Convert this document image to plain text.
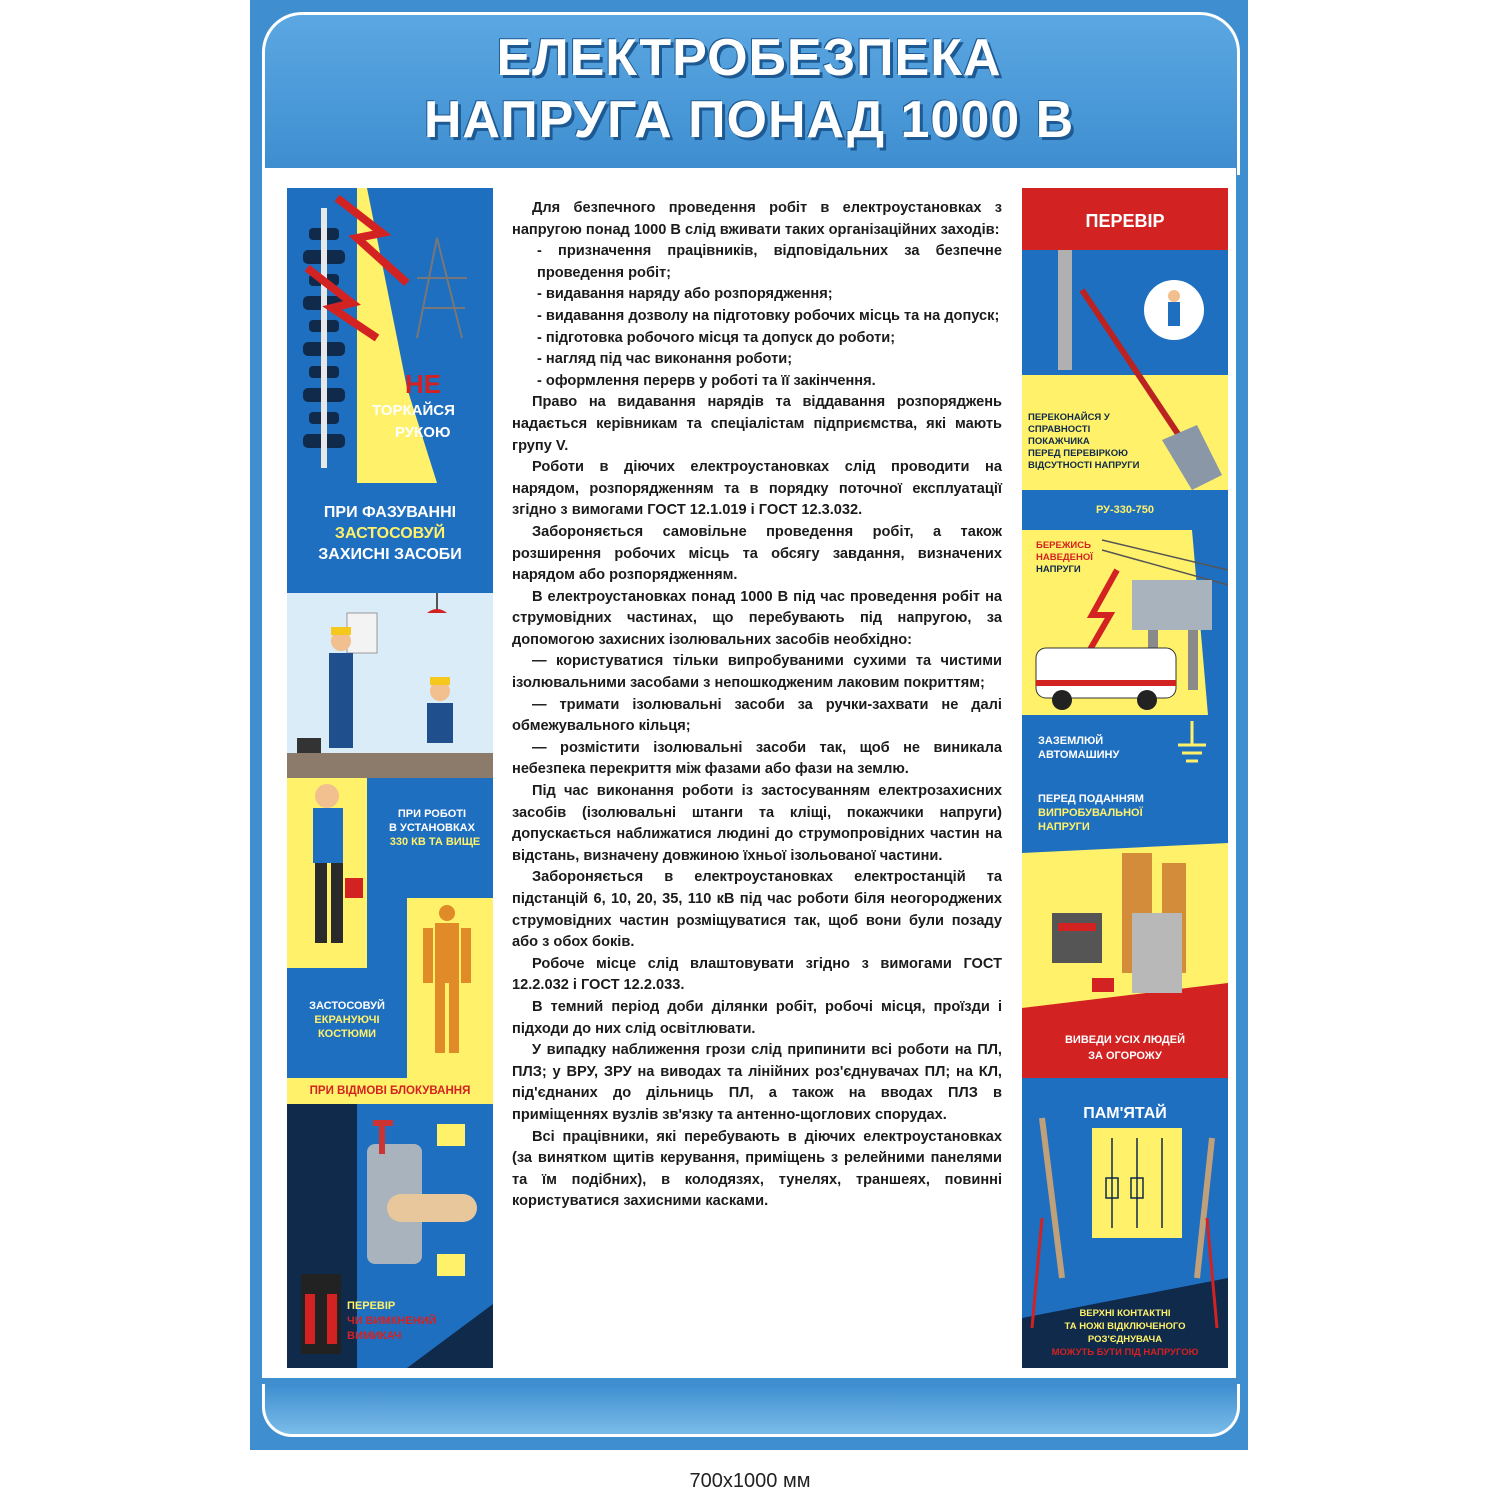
ЕЛЕКТРОБЕЗПЕКА
НАПРУГА ПОНАД 1000 В
НЕ
ТОРКАЙСЯ
РУКОЮ
ПРИ ФАЗУВАННІ
ЗАСТОСОВУЙ
ЗАХИСНІ ЗАСОБИ
ПРИ РОБОТІ
В УСТАНОВКАХ
330 КВ ТА ВИЩЕ
ЗАСТОСОВУЙ
ЕКРАНУЮЧІ
КОСТЮМИ
ПРИ ВІДМОВІ БЛОКУВАННЯ
ПЕРЕВІР
ЧИ ВИМКНЕНИЙ
ВИМИКАЧ

Для безпечного проведення робіт в електроустановках з напругою понад 1000 В слід вживати таких організаційних заходів:

- призначення працівників, відповідальних за безпечне проведення робіт;

- видавання наряду або розпорядження;

- видавання дозволу на підготовку робочих місць та на допуск;

- підготовка робочого місця та допуск до роботи;

- нагляд під час виконання роботи;

- оформлення перерв у роботі та її закінчення.

Право на видавання нарядів та віддавання розпоряджень надається керівникам та спеціалістам підприємства, які мають групу V.

Роботи в діючих електроустановках слід проводити на нарядом, розпорядженням та в порядку поточної експлуатації згідно з вимогами ГОСТ 12.1.019 і ГОСТ 12.3.032.

Забороняється самовільне проведення робіт, а також розширення робочих місць та обсягу завдання, визначених нарядом або розпорядженням.

В електроустановках понад 1000 В під час проведення робіт на струмовідних частинах, що перебувають під напругою, за допомогою захисних ізолювальних засобів необхідно:

— користуватися тільки випробуваними сухими та чистими ізолювальними засобами з непошкодженим лаковим покриттям;

— тримати ізолювальні засоби за ручки-захвати не далі обмежувального кільця;

— розмістити ізолювальні засоби так, щоб не виникала небезпека перекриття між фазами або фази на землю.

Під час виконання роботи із застосуванням електрозахисних засобів (ізолювальні штанги та кліщі, покажчики напруги) допускається наближатися людині до струмопровідних частин на відстань, визначену довжиною їхньої ізольованої частини.

Забороняється в електроустановках електростанцій та підстанцій 6, 10, 20, 35, 110 кВ під час роботи біля неогороджених струмовідних частин розміщуватися так, щоб вони були позаду або з обох боків.

Робоче місце слід влаштовувати згідно з вимогами ГОСТ 12.2.032 і ГОСТ 12.2.033.

В темний період доби ділянки робіт, робочі місця, проїзди і підходи до них слід освітлювати.

У випадку наближення грози слід припинити всі роботи на ПЛ, ПЛЗ; у ВРУ, ЗРУ на виводах та лінійних роз'єднувачах ПЛ; на КЛ, під'єднаних до дільниць ПЛ, а також на вводах ПЛЗ в приміщеннях вузлів зв'язку та антенно-щоглових спорудах.

Всі працівники, які перебувають в діючих електроустановках (за винятком щитів керування, приміщень з релейними панелями та їм подібних), в колодязях, тунелях, траншеях, повинні користуватися захисними касками.

ПЕРЕВІР
ПЕРЕКОНАЙСЯ У
СПРАВНОСТІ
ПОКАЖЧИКА
ПЕРЕД ПЕРЕВІРКОЮ
ВІДСУТНОСТІ НАПРУГИ
РУ-330-750
БЕРЕЖИСЬ
НАВЕДЕНОЇ
НАПРУГИ
ЗАЗЕМЛЮЙ
АВТОМАШИНУ
ПЕРЕД ПОДАННЯМ
ВИПРОБУВАЛЬНОЇ
НАПРУГИ
ВИВЕДИ УСІХ ЛЮДЕЙ
ЗА ОГОРОЖУ
ПАМ'ЯТАЙ
ВЕРХНІ КОНТАКТНІ
ТА НОЖІ ВІДКЛЮЧЕНОГО
РОЗ'ЄДНУВАЧА
МОЖУТЬ БУТИ ПІД НАПРУГОЮ
700х1000 мм
